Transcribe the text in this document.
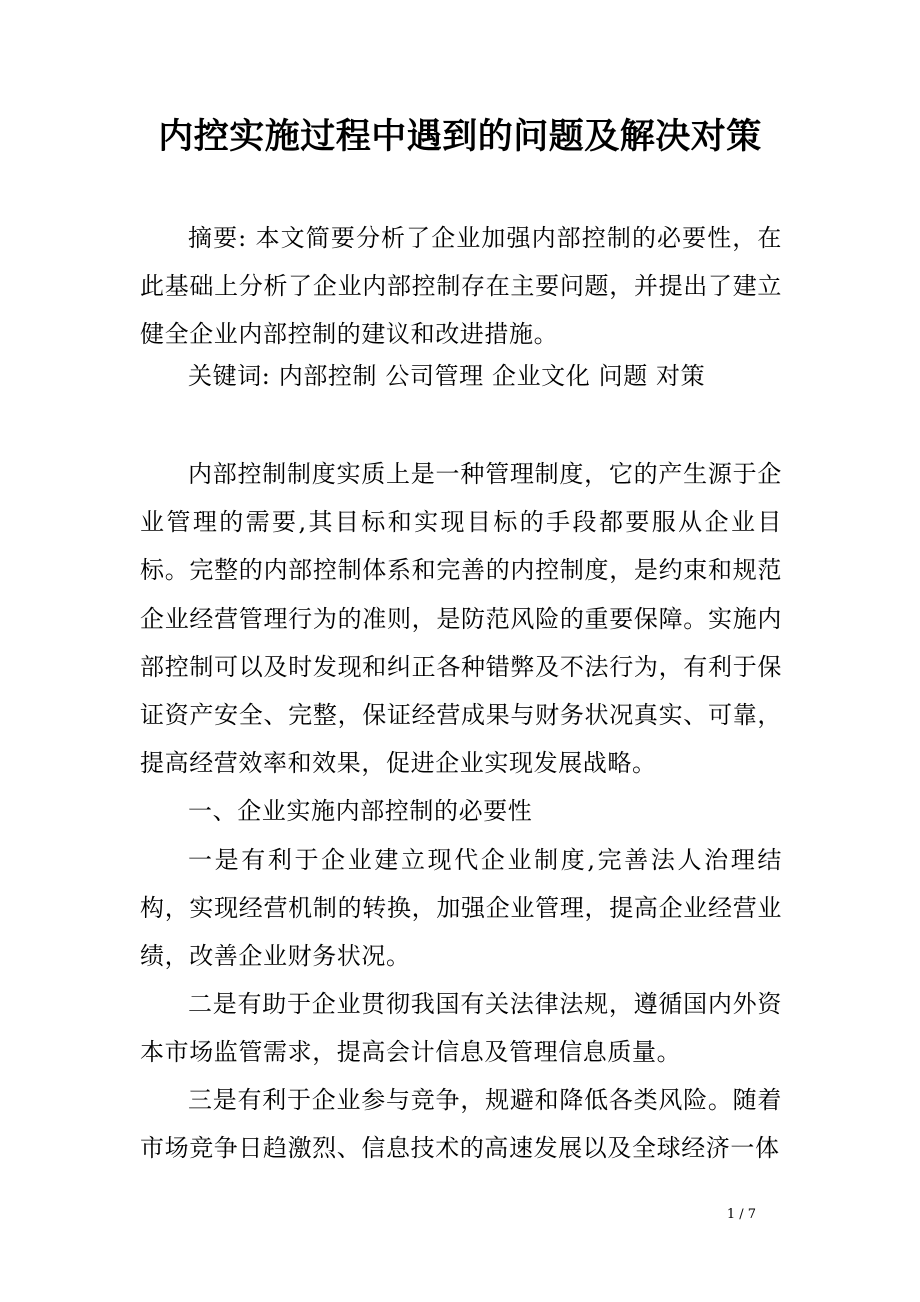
内控实施过程中遇到的问题及解决对策

摘要: 本文简要分析了企业加强内部控制的必要性，在此基础上分析了企业内部控制存在主要问题，并提出了建立健全企业内部控制的建议和改进措施。

关键词: 内部控制 公司管理 企业文化 问题 对策

内部控制制度实质上是一种管理制度，它的产生源于企业管理的需要,其目标和实现目标的手段都要服从企业目标。完整的内部控制体系和完善的内控制度，是约束和规范企业经营管理行为的准则，是防范风险的重要保障。实施内部控制可以及时发现和纠正各种错弊及不法行为，有利于保证资产安全、完整，保证经营成果与财务状况真实、可靠，提高经营效率和效果，促进企业实现发展战略。

一、企业实施内部控制的必要性

一是有利于企业建立现代企业制度,完善法人治理结构，实现经营机制的转换，加强企业管理，提高企业经营业绩，改善企业财务状况。

二是有助于企业贯彻我国有关法律法规，遵循国内外资本市场监管需求，提高会计信息及管理信息质量。

三是有利于企业参与竞争，规避和降低各类风险。随着市场竞争日趋激烈、信息技术的高速发展以及全球经济一体

1 / 7
